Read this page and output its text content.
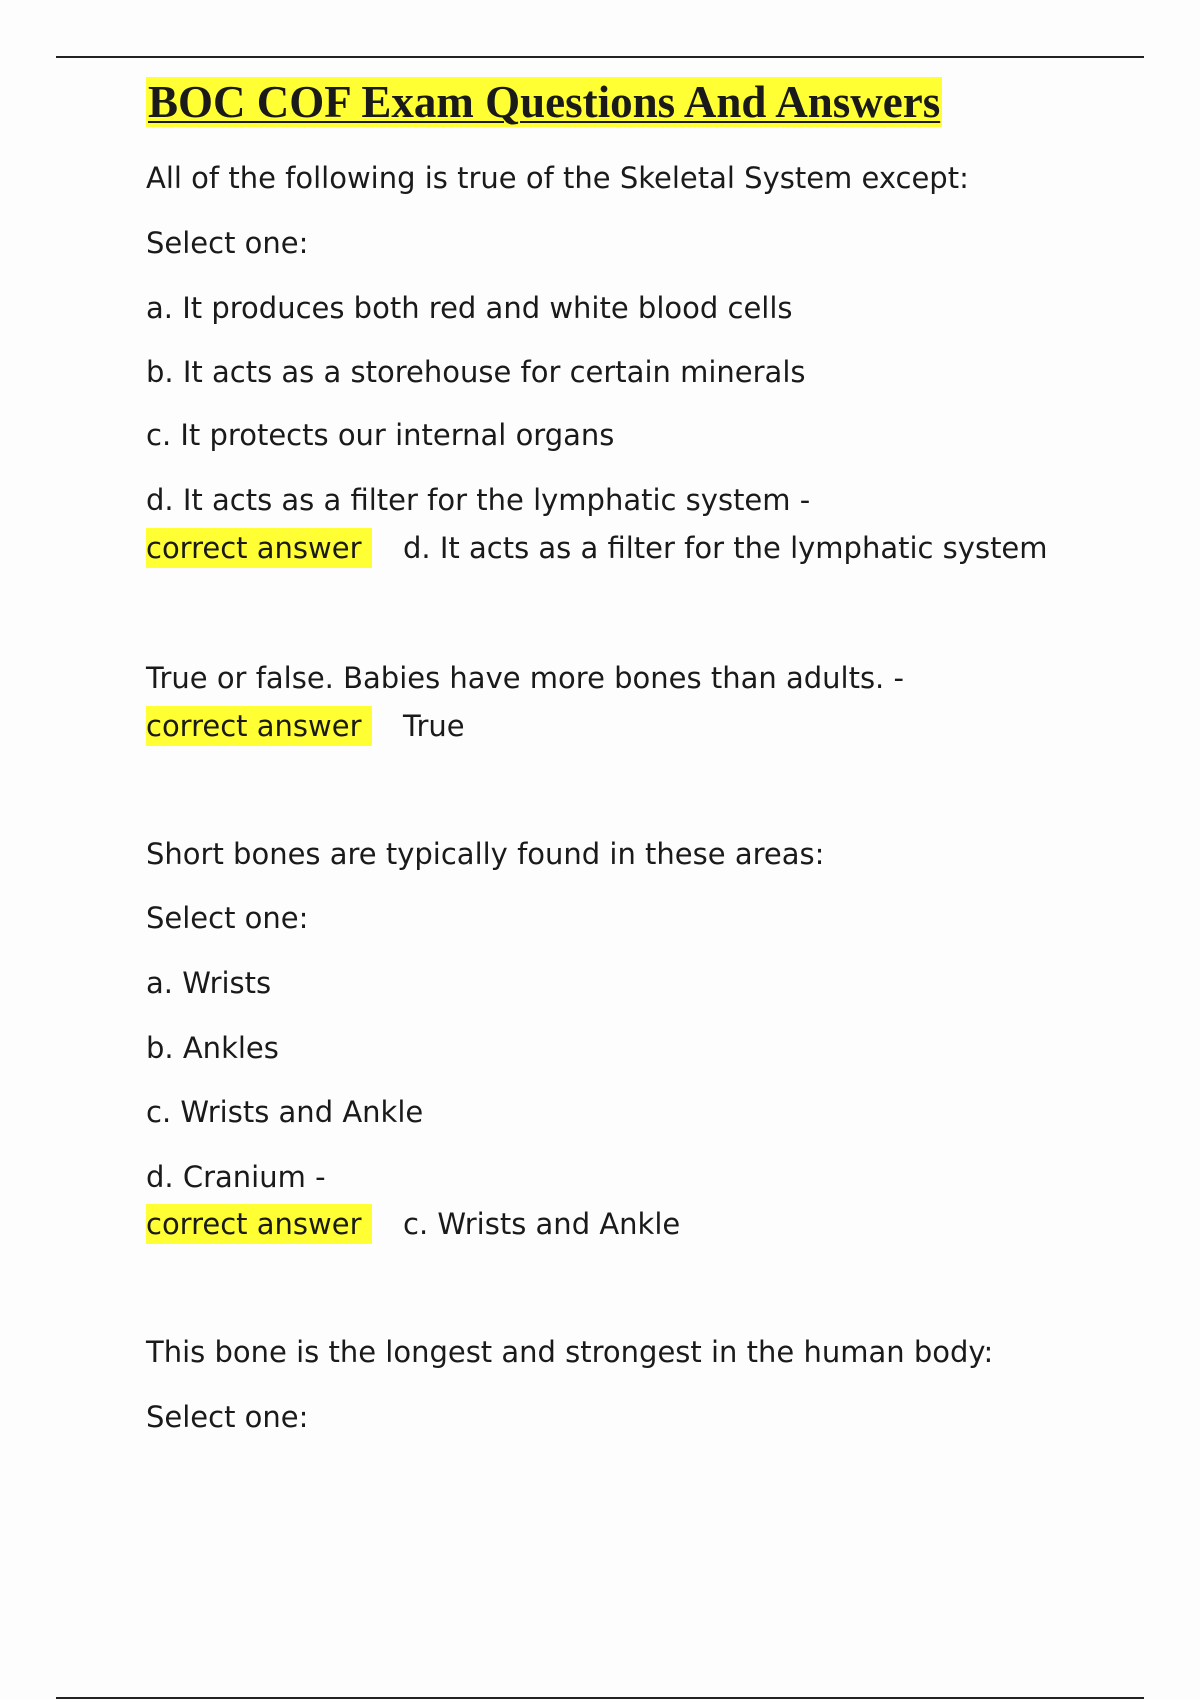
BOC COF Exam Questions And Answers
All of the following is true of the Skeletal System except:
Select one:
a. It produces both red and white blood cells
b. It acts as a storehouse for certain minerals
c. It protects our internal organs
d. It acts as a filter for the lymphatic system -
correct answer d. It acts as a filter for the lymphatic system
True or false. Babies have more bones than adults. -
correct answer True
Short bones are typically found in these areas:
Select one:
a. Wrists
b. Ankles
c. Wrists and Ankle
d. Cranium -
correct answer c. Wrists and Ankle
This bone is the longest and strongest in the human body:
Select one:
